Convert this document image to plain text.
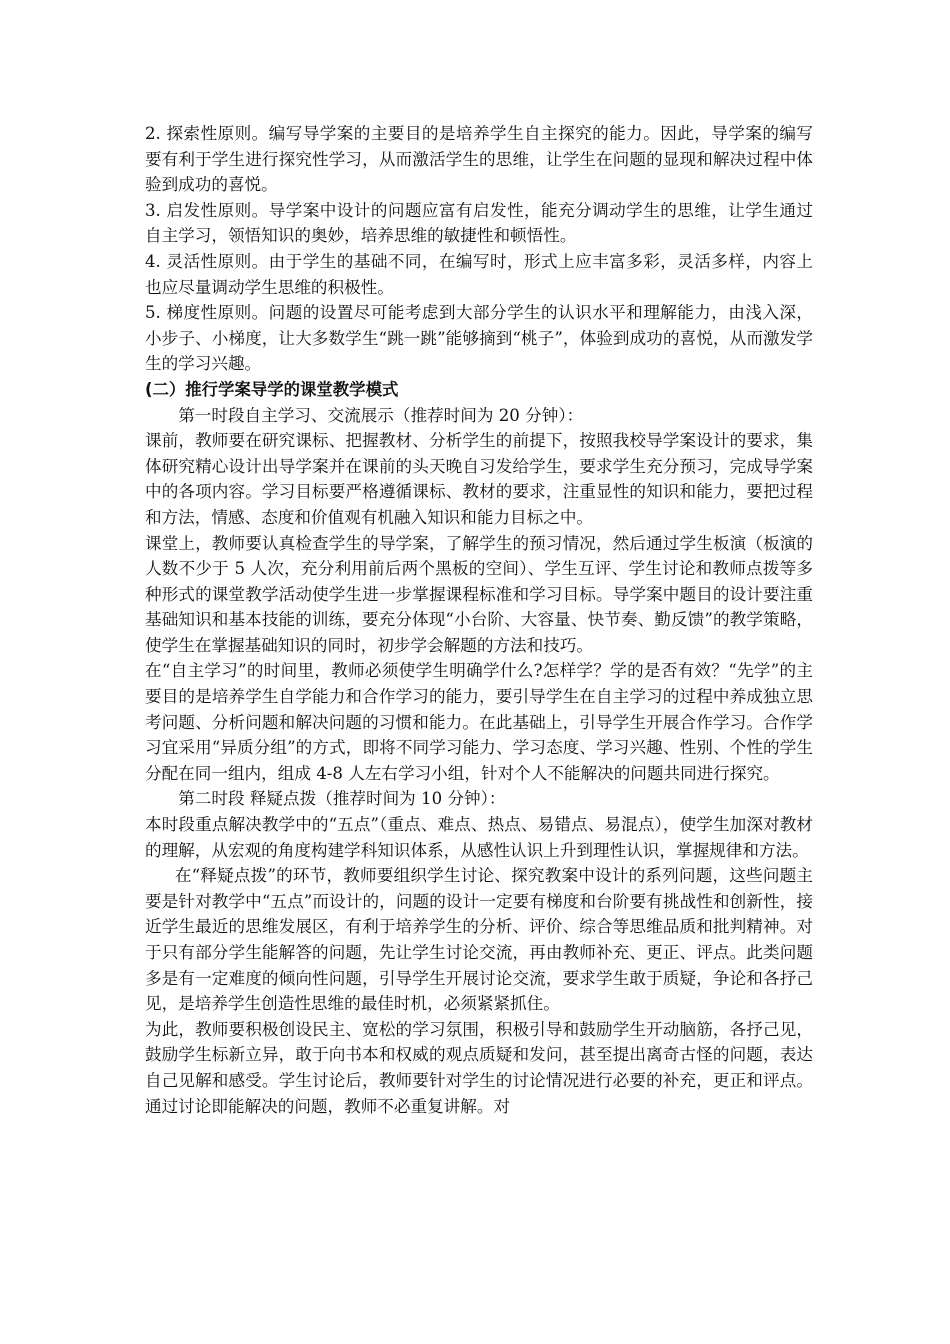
2. 探索性原则。编写导学案的主要目的是培养学生自主探究的能力。因此，导学案的编写要有利于学生进行探究性学习，从而激活学生的思维，让学生在问题的显现和解决过程中体验到成功的喜悦。

3. 启发性原则。导学案中设计的问题应富有启发性，能充分调动学生的思维，让学生通过自主学习，领悟知识的奥妙，培养思维的敏捷性和顿悟性。

4. 灵活性原则。由于学生的基础不同，在编写时，形式上应丰富多彩，灵活多样，内容上也应尽量调动学生思维的积极性。

5. 梯度性原则。问题的设置尽可能考虑到大部分学生的认识水平和理解能力，由浅入深，小步子、小梯度，让大多数学生“跳一跳”能够摘到“桃子”，体验到成功的喜悦，从而激发学生的学习兴趣。

(二）推行学案导学的课堂教学模式

第一时段自主学习、交流展示（推荐时间为 20 分钟）：

课前，教师要在研究课标、把握教材、分析学生的前提下，按照我校导学案设计的要求，集体研究精心设计出导学案并在课前的头天晚自习发给学生，要求学生充分预习，完成导学案中的各项内容。学习目标要严格遵循课标、教材的要求，注重显性的知识和能力，要把过程和方法，情感、态度和价值观有机融入知识和能力目标之中。

课堂上，教师要认真检查学生的导学案，了解学生的预习情况，然后通过学生板演（板演的人数不少于 5 人次，充分利用前后两个黑板的空间）、学生互评、学生讨论和教师点拨等多种形式的课堂教学活动使学生进一步掌握课程标准和学习目标。导学案中题目的设计要注重基础知识和基本技能的训练，要充分体现“小台阶、大容量、快节奏、勤反馈”的教学策略，使学生在掌握基础知识的同时，初步学会解题的方法和技巧。

在“自主学习”的时间里，教师必须使学生明确学什么?怎样学？学的是否有效？“先学”的主要目的是培养学生自学能力和合作学习的能力，要引导学生在自主学习的过程中养成独立思考问题、分析问题和解决问题的习惯和能力。在此基础上，引导学生开展合作学习。合作学习宜采用“异质分组”的方式，即将不同学习能力、学习态度、学习兴趣、性别、个性的学生分配在同一组内，组成 4-8 人左右学习小组，针对个人不能解决的问题共同进行探究。

第二时段 释疑点拨（推荐时间为 10 分钟）：

本时段重点解决教学中的“五点”（重点、难点、热点、易错点、易混点），使学生加深对教材的理解，从宏观的角度构建学科知识体系，从感性认识上升到理性认识，掌握规律和方法。

在“释疑点拨”的环节，教师要组织学生讨论、探究教案中设计的系列问题，这些问题主要是针对教学中“五点”而设计的，问题的设计一定要有梯度和台阶要有挑战性和创新性，接近学生最近的思维发展区，有利于培养学生的分析、评价、综合等思维品质和批判精神。对于只有部分学生能解答的问题，先让学生讨论交流，再由教师补充、更正、评点。此类问题多是有一定难度的倾向性问题，引导学生开展讨论交流，要求学生敢于质疑，争论和各抒己见，是培养学生创造性思维的最佳时机，必须紧紧抓住。

为此，教师要积极创设民主、宽松的学习氛围，积极引导和鼓励学生开动脑筋，各抒己见，鼓励学生标新立异，敢于向书本和权威的观点质疑和发问，甚至提出离奇古怪的问题，表达自己见解和感受。学生讨论后，教师要针对学生的讨论情况进行必要的补充，更正和评点。通过讨论即能解决的问题，教师不必重复讲解。对
